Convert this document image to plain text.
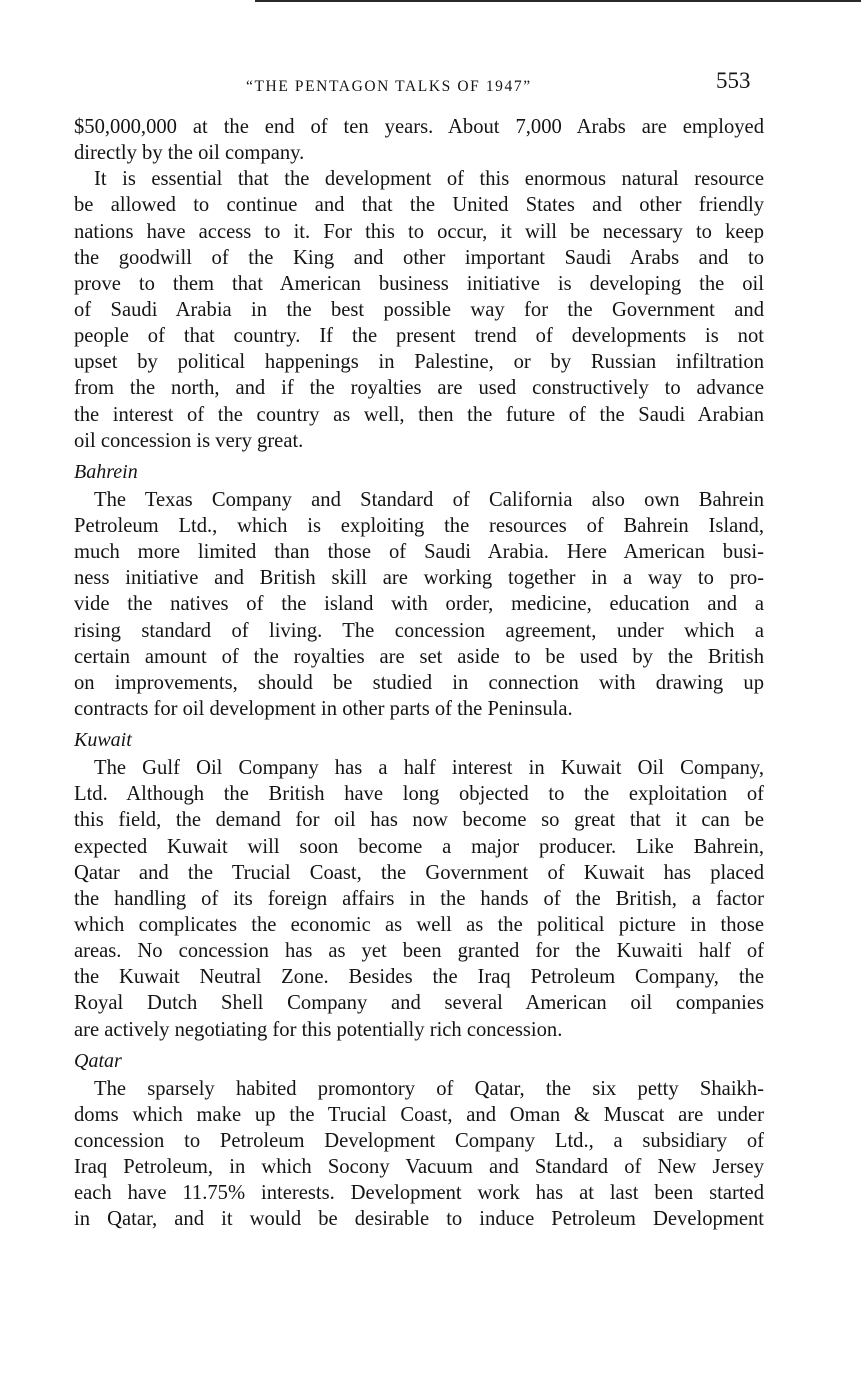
“THE PENTAGON TALKS OF 1947”	553
$50,000,000 at the end of ten years. About 7,000 Arabs are employed
directly by the oil company.
It is essential that the development of this enormous natural resource
be allowed to continue and that the United States and other friendly
nations have access to it. For this to occur, it will be necessary to keep
the goodwill of the King and other important Saudi Arabs and to
prove to them that American business initiative is developing the oil
of Saudi Arabia in the best possible way for the Government and
people of that country. If the present trend of developments is not
upset by political happenings in Palestine, or by Russian infiltration
from the north, and if the royalties are used constructively to advance
the interest of the country as well, then the future of the Saudi Arabian
oil concession is very great.
Bahrein
The Texas Company and Standard of California also own Bahrein
Petroleum Ltd., which is exploiting the resources of Bahrein Island,
much more limited than those of Saudi Arabia. Here American busi-
ness initiative and British skill are working together in a way to pro-
vide the natives of the island with order, medicine, education and a
rising standard of living. The concession agreement, under which a
certain amount of the royalties are set aside to be used by the British
on improvements, should be studied in connection with drawing up
contracts for oil development in other parts of the Peninsula.
Kuwait
The Gulf Oil Company has a half interest in Kuwait Oil Company,
Ltd. Although the British have long objected to the exploitation of
this field, the demand for oil has now become so great that it can be
expected Kuwait will soon become a major producer. Like Bahrein,
Qatar and the Trucial Coast, the Government of Kuwait has placed
the handling of its foreign affairs in the hands of the British, a factor
which complicates the economic as well as the political picture in those
areas. No concession has as yet been granted for the Kuwaiti half of
the Kuwait Neutral Zone. Besides the Iraq Petroleum Company, the
Royal Dutch Shell Company and several American oil companies
are actively negotiating for this potentially rich concession.
Qatar
The sparsely habited promontory of Qatar, the six petty Shaikh-
doms which make up the Trucial Coast, and Oman & Muscat are under
concession to Petroleum Development Company Ltd., a subsidiary of
Iraq Petroleum, in which Socony Vacuum and Standard of New Jersey
each have 11.75% interests. Development work has at last been started
in Qatar, and it would be desirable to induce Petroleum Development
